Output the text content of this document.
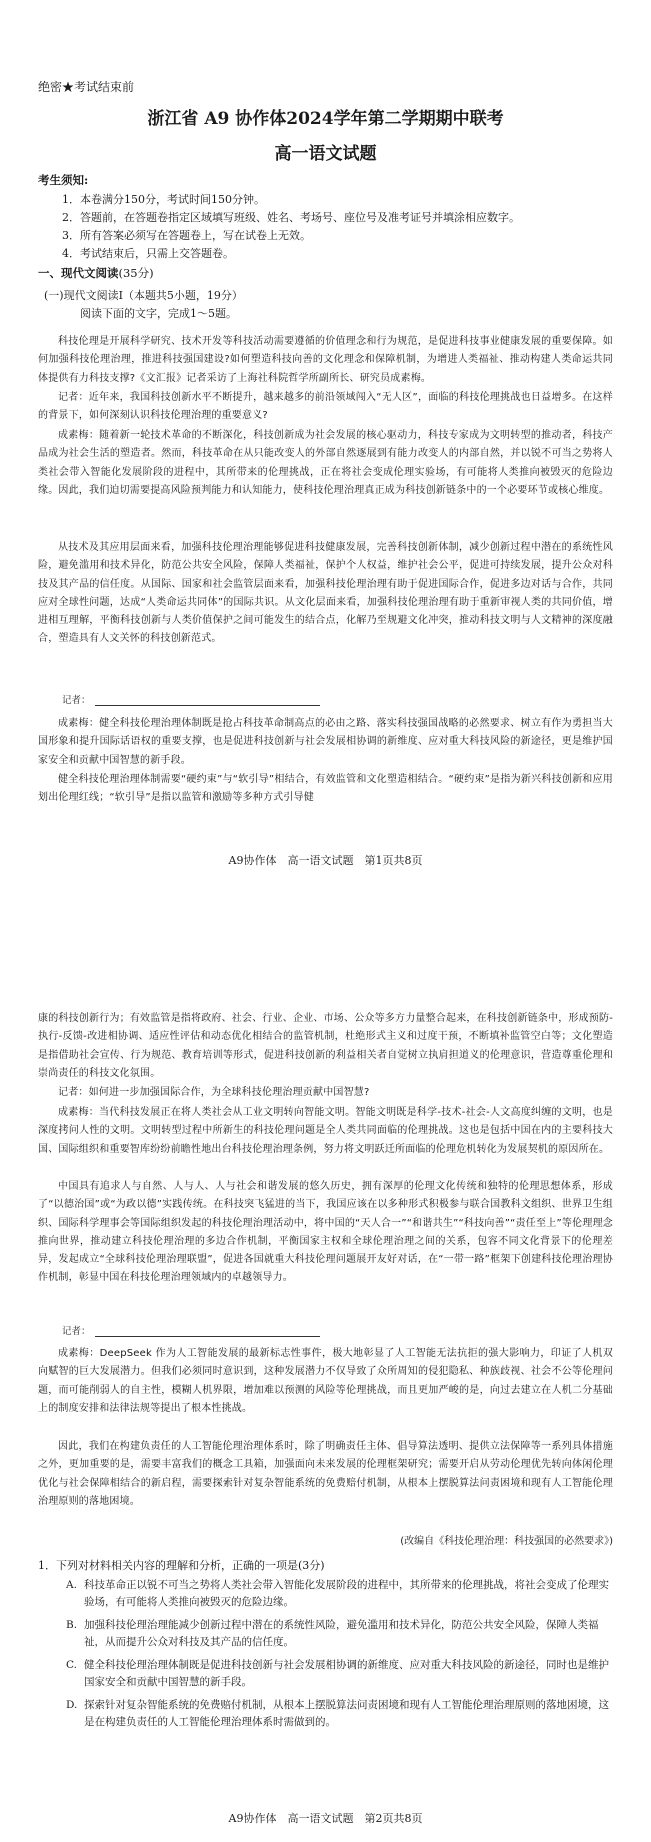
绝密★考试结束前
浙江省 A9 协作体2024学年第二学期期中联考
高一语文试题
考生须知:

1．本卷满分150分，考试时间150分钟。

2．答题前，在答题卷指定区域填写班级、姓名、考场号、座位号及准考证号并填涂相应数字。

3．所有答案必须写在答题卷上，写在试卷上无效。

4．考试结束后，只需上交答题卷。

一、现代文阅读(35分)
(一)现代文阅读Ⅰ（本题共5小题，19分）
阅读下面的文字，完成1～5题。

科技伦理是开展科学研究、技术开发等科技活动需要遵循的价值理念和行为规范，是促进科技事业健康发展的重要保障。如何加强科技伦理治理，推进科技强国建设?如何塑造科技向善的文化理念和保障机制，为增进人类福祉、推动构建人类命运共同体提供有力科技支撑?《文汇报》记者采访了上海社科院哲学所副所长、研究员成素梅。

记者：近年来，我国科技创新水平不断提升，越来越多的前沿领域闯入“无人区”，面临的科技伦理挑战也日益增多。在这样的背景下，如何深刻认识科技伦理治理的重要意义?

成素梅：随着新一轮技术革命的不断深化，科技创新成为社会发展的核心驱动力，科技专家成为文明转型的推动者，科技产品成为社会生活的塑造者。然而，科技革命在从只能改变人的外部自然逐展到有能力改变人的内部自然，并以锐不可当之势将人类社会带入智能化发展阶段的进程中，其所带来的伦理挑战，正在将社会变成伦理实验场，有可能将人类推向被毁灭的危险边缘。因此，我们迫切需要提高风险预判能力和认知能力，使科技伦理治理真正成为科技创新链条中的一个必要环节或核心维度。

从技术及其应用层面来看，加强科技伦理治理能够促进科技健康发展，完善科技创新体制，减少创新过程中潜在的系统性风险，避免滥用和技术异化，防范公共安全风险，保障人类福祉，保护个人权益，维护社会公平，促进可持续发展，提升公众对科技及其产品的信任度。从国际、国家和社会监管层面来看，加强科技伦理治理有助于促进国际合作，促进多边对话与合作，共同应对全球性问题，达成“人类命运共同体”的国际共识。从文化层面来看，加强科技伦理治理有助于重新审视人类的共同价值，增进相互理解，平衡科技创新与人类价值保护之间可能发生的结合点，化解乃至规避文化冲突，推动科技文明与人文精神的深度融合，塑造具有人文关怀的科技创新范式。

记者：

成素梅：健全科技伦理治理体制既是抢占科技革命制高点的必由之路、落实科技强国战略的必然要求、树立有作为勇担当大国形象和提升国际话语权的重要支撑，也是促进科技创新与社会发展相协调的新维度、应对重大科技风险的新途径，更是维护国家安全和贡献中国智慧的新手段。

健全科技伦理治理体制需要“硬约束”与“软引导”相结合，有效监管和文化塑造相结合。“硬约束”是指为新兴科技创新和应用划出伦理红线；“软引导”是指以监管和激励等多种方式引导健

A9协作体　高一语文试题　第1页共8页

康的科技创新行为；有效监管是指将政府、社会、行业、企业、市场、公众等多方力量整合起来，在科技创新链条中，形成预防-执行-反馈-改进相协调、适应性评估和动态优化相结合的监管机制，杜绝形式主义和过度干预，不断填补监管空白等；文化塑造是指借助社会宣传、行为规范、教育培训等形式，促进科技创新的利益相关者自觉树立执肩担道义的伦理意识，营造尊重伦理和崇尚责任的科技文化氛围。

记者：如何进一步加强国际合作，为全球科技伦理治理贡献中国智慧?

成素梅：当代科技发展正在将人类社会从工业文明转向智能文明。智能文明既是科学-技术-社会-人文高度纠缠的文明，也是深度拷问人性的文明。文明转型过程中所新生的科技伦理问题是全人类共同面临的伦理挑战。这也是包括中国在内的主要科技大国、国际组织和重要智库纷纷前瞻性地出台科技伦理治理条例，努力将文明跃迁所面临的伦理危机转化为发展契机的原因所在。

中国具有追求人与自然、人与人、人与社会和谐发展的悠久历史，拥有深厚的伦理文化传统和独特的伦理思想体系，形成了“以德治国”或“为政以德”实践传统。在科技突飞猛进的当下，我国应该在以多种形式积极参与联合国教科文组织、世界卫生组织、国际科学理事会等国际组织发起的科技伦理治理活动中，将中国的“天人合一”“和谐共生”“科技向善”“责任至上”等伦理理念推向世界，推动建立科技伦理治理的多边合作机制，平衡国家主权和全球伦理治理之间的关系，包容不同文化背景下的伦理差异，发起成立“全球科技伦理治理联盟”，促进各国就重大科技伦理问题展开友好对话，在“一带一路”框架下创建科技伦理治理协作机制，彰显中国在科技伦理治理领域内的卓越领导力。

记者：

成素梅：DeepSeek 作为人工智能发展的最新标志性事件，极大地彰显了人工智能无法抗拒的强大影响力，印证了人机双向赋智的巨大发展潜力。但我们必须同时意识到，这种发展潜力不仅导致了众所周知的侵犯隐私、种族歧视、社会不公等伦理问题，而可能削弱人的自主性，模糊人机界限，增加难以预测的风险等伦理挑战，而且更加严峻的是，向过去建立在人机二分基础上的制度安排和法律法规等提出了根本性挑战。

因此，我们在构建负责任的人工智能伦理治理体系时，除了明确责任主体、倡导算法透明、提供立法保障等一系列具体措施之外，更加重要的是，需要丰富我们的概念工具箱，加强面向未来发展的伦理框架研究；需要开启从劳动伦理优先转向体闲伦理优化与社会保障相结合的新启程，需要探索针对复杂智能系统的免费赔付机制，从根本上摆脱算法问责困境和现有人工智能伦理治理原则的落地困境。

(改编自《科技伦理治理：科技强国的必然要求》)
1．下列对材料相关内容的理解和分析，正确的一项是(3分)
A. 科技革命正以锐不可当之势将人类社会带入智能化发展阶段的进程中，其所带来的伦理挑战，将社会变成了伦理实验场，有可能将人类推向被毁灭的危险边缘。
B. 加强科技伦理治理能减少创新过程中潜在的系统性风险，避免滥用和技术异化，防范公共安全风险，保障人类福祉，从而提升公众对科技及其产品的信任度。
C. 健全科技伦理治理体制既是促进科技创新与社会发展相协调的新维度、应对重大科技风险的新途径，同时也是维护国家安全和贡献中国智慧的新手段。
D. 探索针对复杂智能系统的免费赔付机制，从根本上摆脱算法问责困境和现有人工智能伦理治理原则的落地困境，这是在构建负责任的人工智能伦理治理体系时需做到的。
A9协作体　高一语文试题　第2页共8页
